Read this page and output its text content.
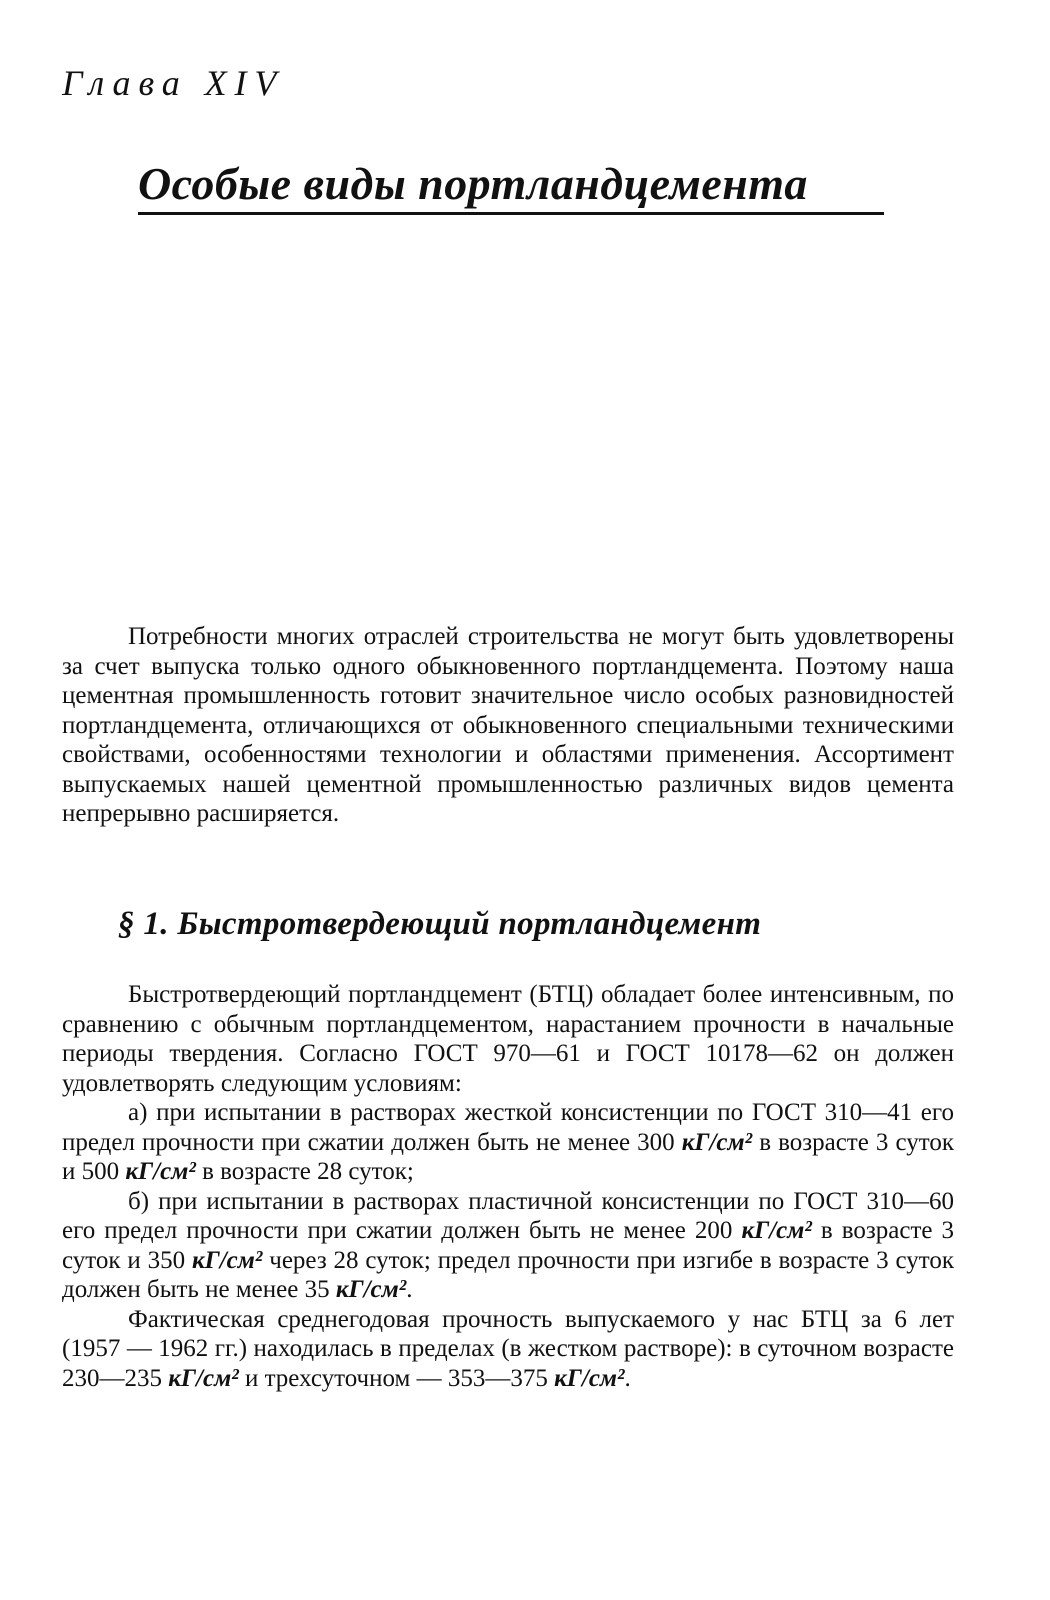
Глава XIV
Особые виды портландцемента

Потребности многих отраслей строительства не могут быть удовлетворены за счет выпуска только одного обыкновенного портландцемента. Поэтому наша цементная промышленность готовит значительное число особых разновидностей портландцемента, отличающихся от обыкновенного специальными техническими свойствами, особенностями технологии и областями применения. Ассортимент выпускаемых нашей цементной промышленностью различных видов цемента непрерывно расширяется.

§ 1. Быстротвердеющий портландцемент

Быстротвердеющий портландцемент (БТЦ) обладает более интенсивным, по сравнению с обычным портландцементом, нарастанием прочности в начальные периоды твердения. Согласно ГОСТ 970—61 и ГОСТ 10178—62 он должен удовлетворять следующим условиям:

а) при испытании в растворах жесткой консистенции по ГОСТ 310—41 его предел прочности при сжатии должен быть не менее 300 кГ/см² в возрасте 3 суток и 500 кГ/см² в возрасте 28 суток;

б) при испытании в растворах пластичной консистенции по ГОСТ 310—60 его предел прочности при сжатии должен быть не менее 200 кГ/см² в возрасте 3 суток и 350 кГ/см² через 28 суток; предел прочности при изгибе в возрасте 3 суток должен быть не менее 35 кГ/см².

Фактическая среднегодовая прочность выпускаемого у нас БТЦ за 6 лет (1957 — 1962 гг.) находилась в пределах (в жестком растворе): в суточном возрасте 230—235 кГ/см² и трехсуточном — 353—375 кГ/см².
